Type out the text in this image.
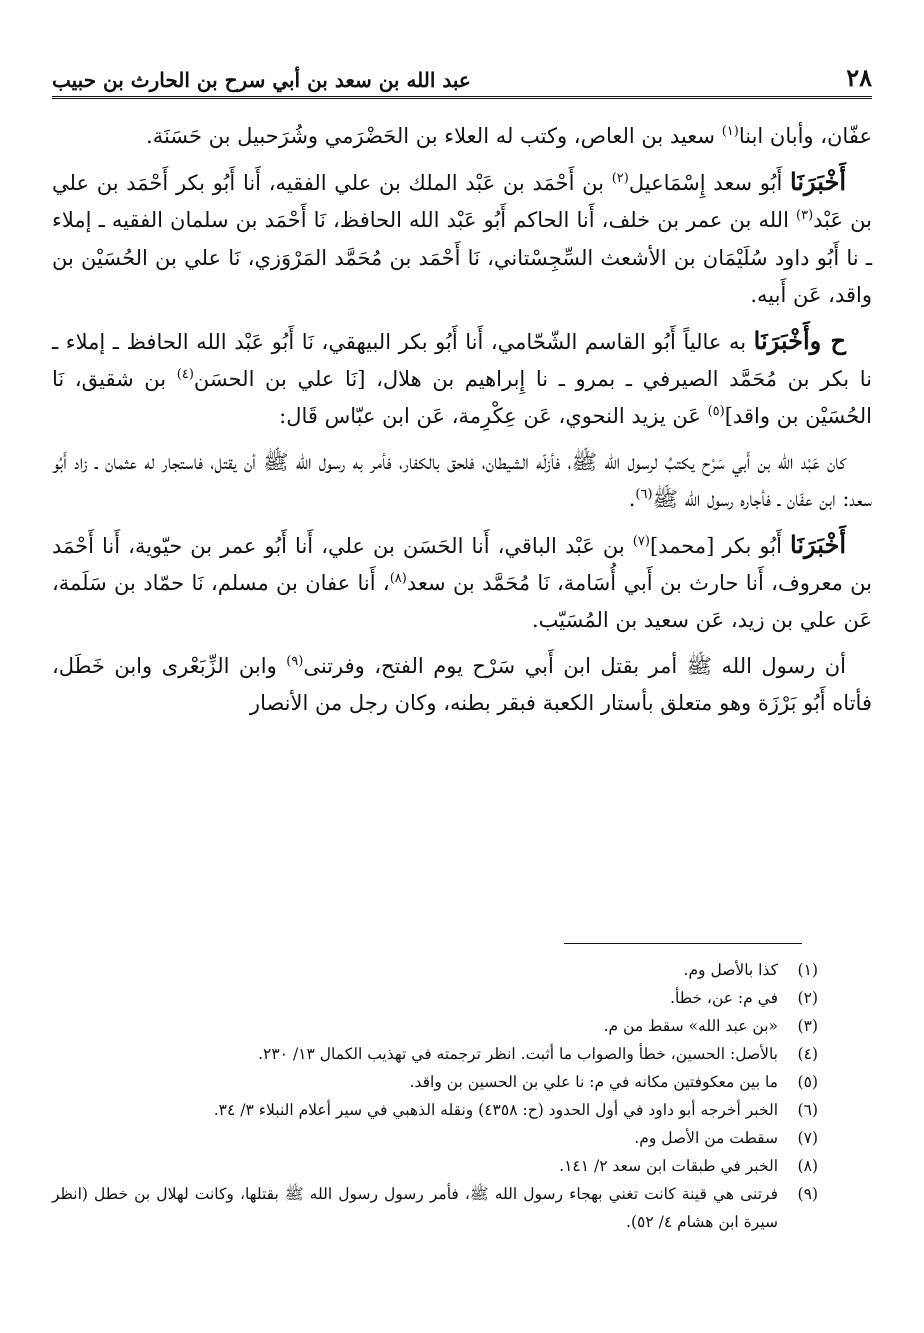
٢٨
عبد الله بن سعد بن أبي سرح بن الحارث بن حبيب

عفّان، وأبان ابنا$^{(١)}$ سعيد بن العاص، وكتب له العلاء بن الحَضْرَمي وشُرَحبيل بن حَسَنَة.

أَخْبَرَنَا أَبُو سعد إِسْمَاعيل$^{(٢)}$ بن أَحْمَد بن عَبْد الملك بن علي الفقيه، أَنا أَبُو بكر أَحْمَد بن علي بن عَبْد$^{(٣)}$ الله بن عمر بن خلف، أَنا الحاكم أَبُو عَبْد الله الحافظ، نَا أَحْمَد بن سلمان الفقيه ـ إملاء ـ نا أَبُو داود سُلَيْمَان بن الأشعث السِّجِسْتاني، نَا أَحْمَد بن مُحَمَّد المَرْوَزي، نَا علي بن الحُسَيْن بن واقد، عَن أَبيه.

ح وأَخْبَرَنَا به عالياً أَبُو القاسم الشّحّامي، أَنا أَبُو بكر البيهقي، نَا أَبُو عَبْد الله الحافظ ـ إملاء ـ نا بكر بن مُحَمَّد الصيرفي ـ بمرو ـ نا إِبراهيم بن هلال، [نَا علي بن الحسَن$^{(٤)}$ بن شقيق، نَا الحُسَيْن بن واقد]$^{(٥)}$ عَن يزيد النحوي، عَن عِكْرِمة، عَن ابن عبّاس قَال:

كان عَبْد الله بن أَبي سَرْح يكتبُ لرسول الله ﷺ، فأزلّه الشيطان، فلحق بالكفار، فأمر به رسول الله ﷺ أن يقتل، فاستجار له عثمان ـ زاد أَبُو سعد: ابن عفّان ـ فأجاره رسول الله ﷺ$^{(٦)}$.

أَخْبَرَنَا أَبُو بكر [محمد]$^{(٧)}$ بن عَبْد الباقي، أَنا الحَسَن بن علي، أَنا أَبُو عمر بن حيّوية، أَنا أَحْمَد بن معروف، أَنا حارث بن أَبي أُسَامة، نَا مُحَمَّد بن سعد$^{(٨)}$، أَنا عفان بن مسلم، نَا حمّاد بن سَلَمة، عَن علي بن زيد، عَن سعيد بن المُسَيّب.

أن رسول الله ﷺ أمر بقتل ابن أَبي سَرْح يوم الفتح، وفرتنى$^{(٩)}$ وابن الزِّبَعْرى وابن خَطَل، فأتاه أَبُو بَرْزَة وهو متعلق بأستار الكعبة فبقر بطنه، وكان رجل من الأنصار

(١)
كذا بالأصل وم.
(٢)
في م: عن، خطأ.
(٣)
«بن عبد الله» سقط من م.
(٤)
بالأصل: الحسين، خطأ والصواب ما أثبت. انظر ترجمته في تهذيب الكمال ١٣/ ٢٣٠.
(٥)
ما بين معكوفتين مكانه في م: نا علي بن الحسين بن واقد.
(٦)
الخبر أخرجه أبو داود في أول الحدود (ح: ٤٣٥٨) ونقله الذهبي في سير أعلام النبلاء ٣/ ٣٤.
(٧)
سقطت من الأصل وم.
(٨)
الخبر في طبقات ابن سعد ٢/ ١٤١.
(٩)
فرتنى هي قينة كانت تغني بهجاء رسول الله ﷺ، فأمر رسول رسول الله ﷺ بقتلها، وكانت لهلال بن خطل (انظر سيرة ابن هشام ٤/ ٥٢).
